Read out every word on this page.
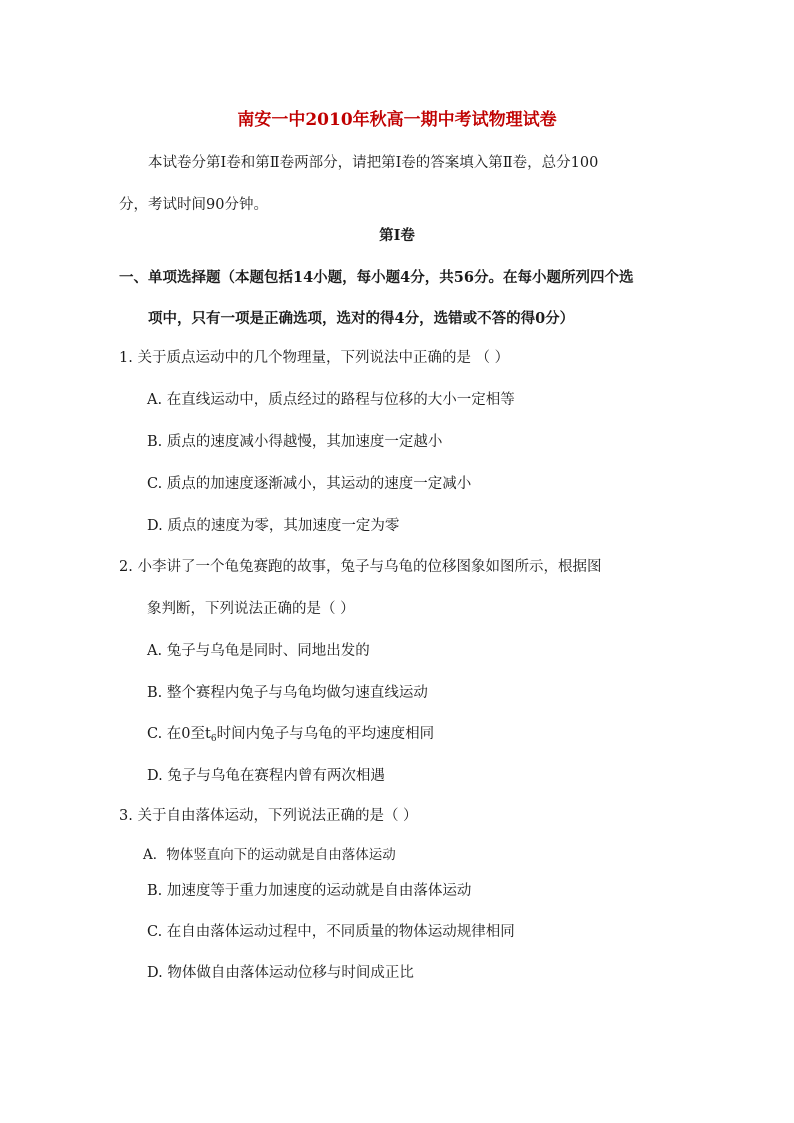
南安一中2010年秋高一期中考试物理试卷
本试卷分第Ⅰ卷和第Ⅱ卷两部分，请把第Ⅰ卷的答案填入第Ⅱ卷，总分100
分，考试时间90分钟。
第Ⅰ卷
一、单项选择题（本题包括14小题，每小题4分，共56分。在每小题所列四个选
项中，只有一项是正确选项，选对的得4分，选错或不答的得0分）
1. 关于质点运动中的几个物理量，下列说法中正确的是 （ ）
A. 在直线运动中，质点经过的路程与位移的大小一定相等
B. 质点的速度减小得越慢，其加速度一定越小
C. 质点的加速度逐渐减小，其运动的速度一定减小
D. 质点的速度为零，其加速度一定为零
2. 小李讲了一个龟兔赛跑的故事，兔子与乌龟的位移图象如图所示，根据图
象判断，下列说法正确的是（ ）
A. 兔子与乌龟是同时、同地出发的
B. 整个赛程内兔子与乌龟均做匀速直线运动
C. 在0至$t_6$时间内兔子与乌龟的平均速度相同
D. 兔子与乌龟在赛程内曾有两次相遇
3. 关于自由落体运动，下列说法正确的是（ ）
A．物体竖直向下的运动就是自由落体运动
B. 加速度等于重力加速度的运动就是自由落体运动
C. 在自由落体运动过程中，不同质量的物体运动规律相同
D. 物体做自由落体运动位移与时间成正比
